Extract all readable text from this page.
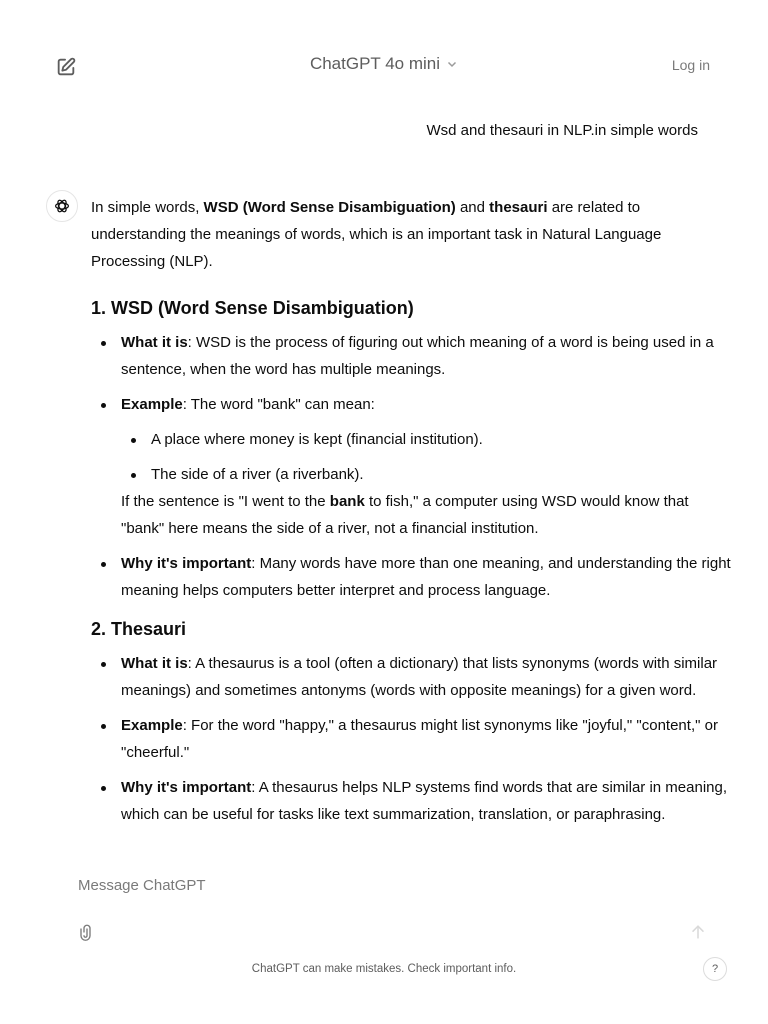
ChatGPT 4o mini	Log in
Wsd and thesauri in NLP.in simple words

In simple words, WSD (Word Sense Disambiguation) and thesauri are related to understanding the meanings of words, which is an important task in Natural Language Processing (NLP).

1. WSD (Word Sense Disambiguation)
What it is: WSD is the process of figuring out which meaning of a word is being used in a sentence, when the word has multiple meanings.
Example: The word "bank" can mean:
A place where money is kept (financial institution).
The side of a river (a riverbank).

If the sentence is "I went to the bank to fish," a computer using WSD would know that "bank" here means the side of a river, not a financial institution.

Why it's important: Many words have more than one meaning, and understanding the right meaning helps computers better interpret and process language.
2. Thesauri
What it is: A thesaurus is a tool (often a dictionary) that lists synonyms (words with similar meanings) and sometimes antonyms (words with opposite meanings) for a given word.
Example: For the word "happy," a thesaurus might list synonyms like "joyful," "content," or "cheerful."
Why it's important: A thesaurus helps NLP systems find words that are similar in meaning, which can be useful for tasks like text summarization, translation, or paraphrasing.
Message ChatGPT
ChatGPT can make mistakes. Check important info.	?
